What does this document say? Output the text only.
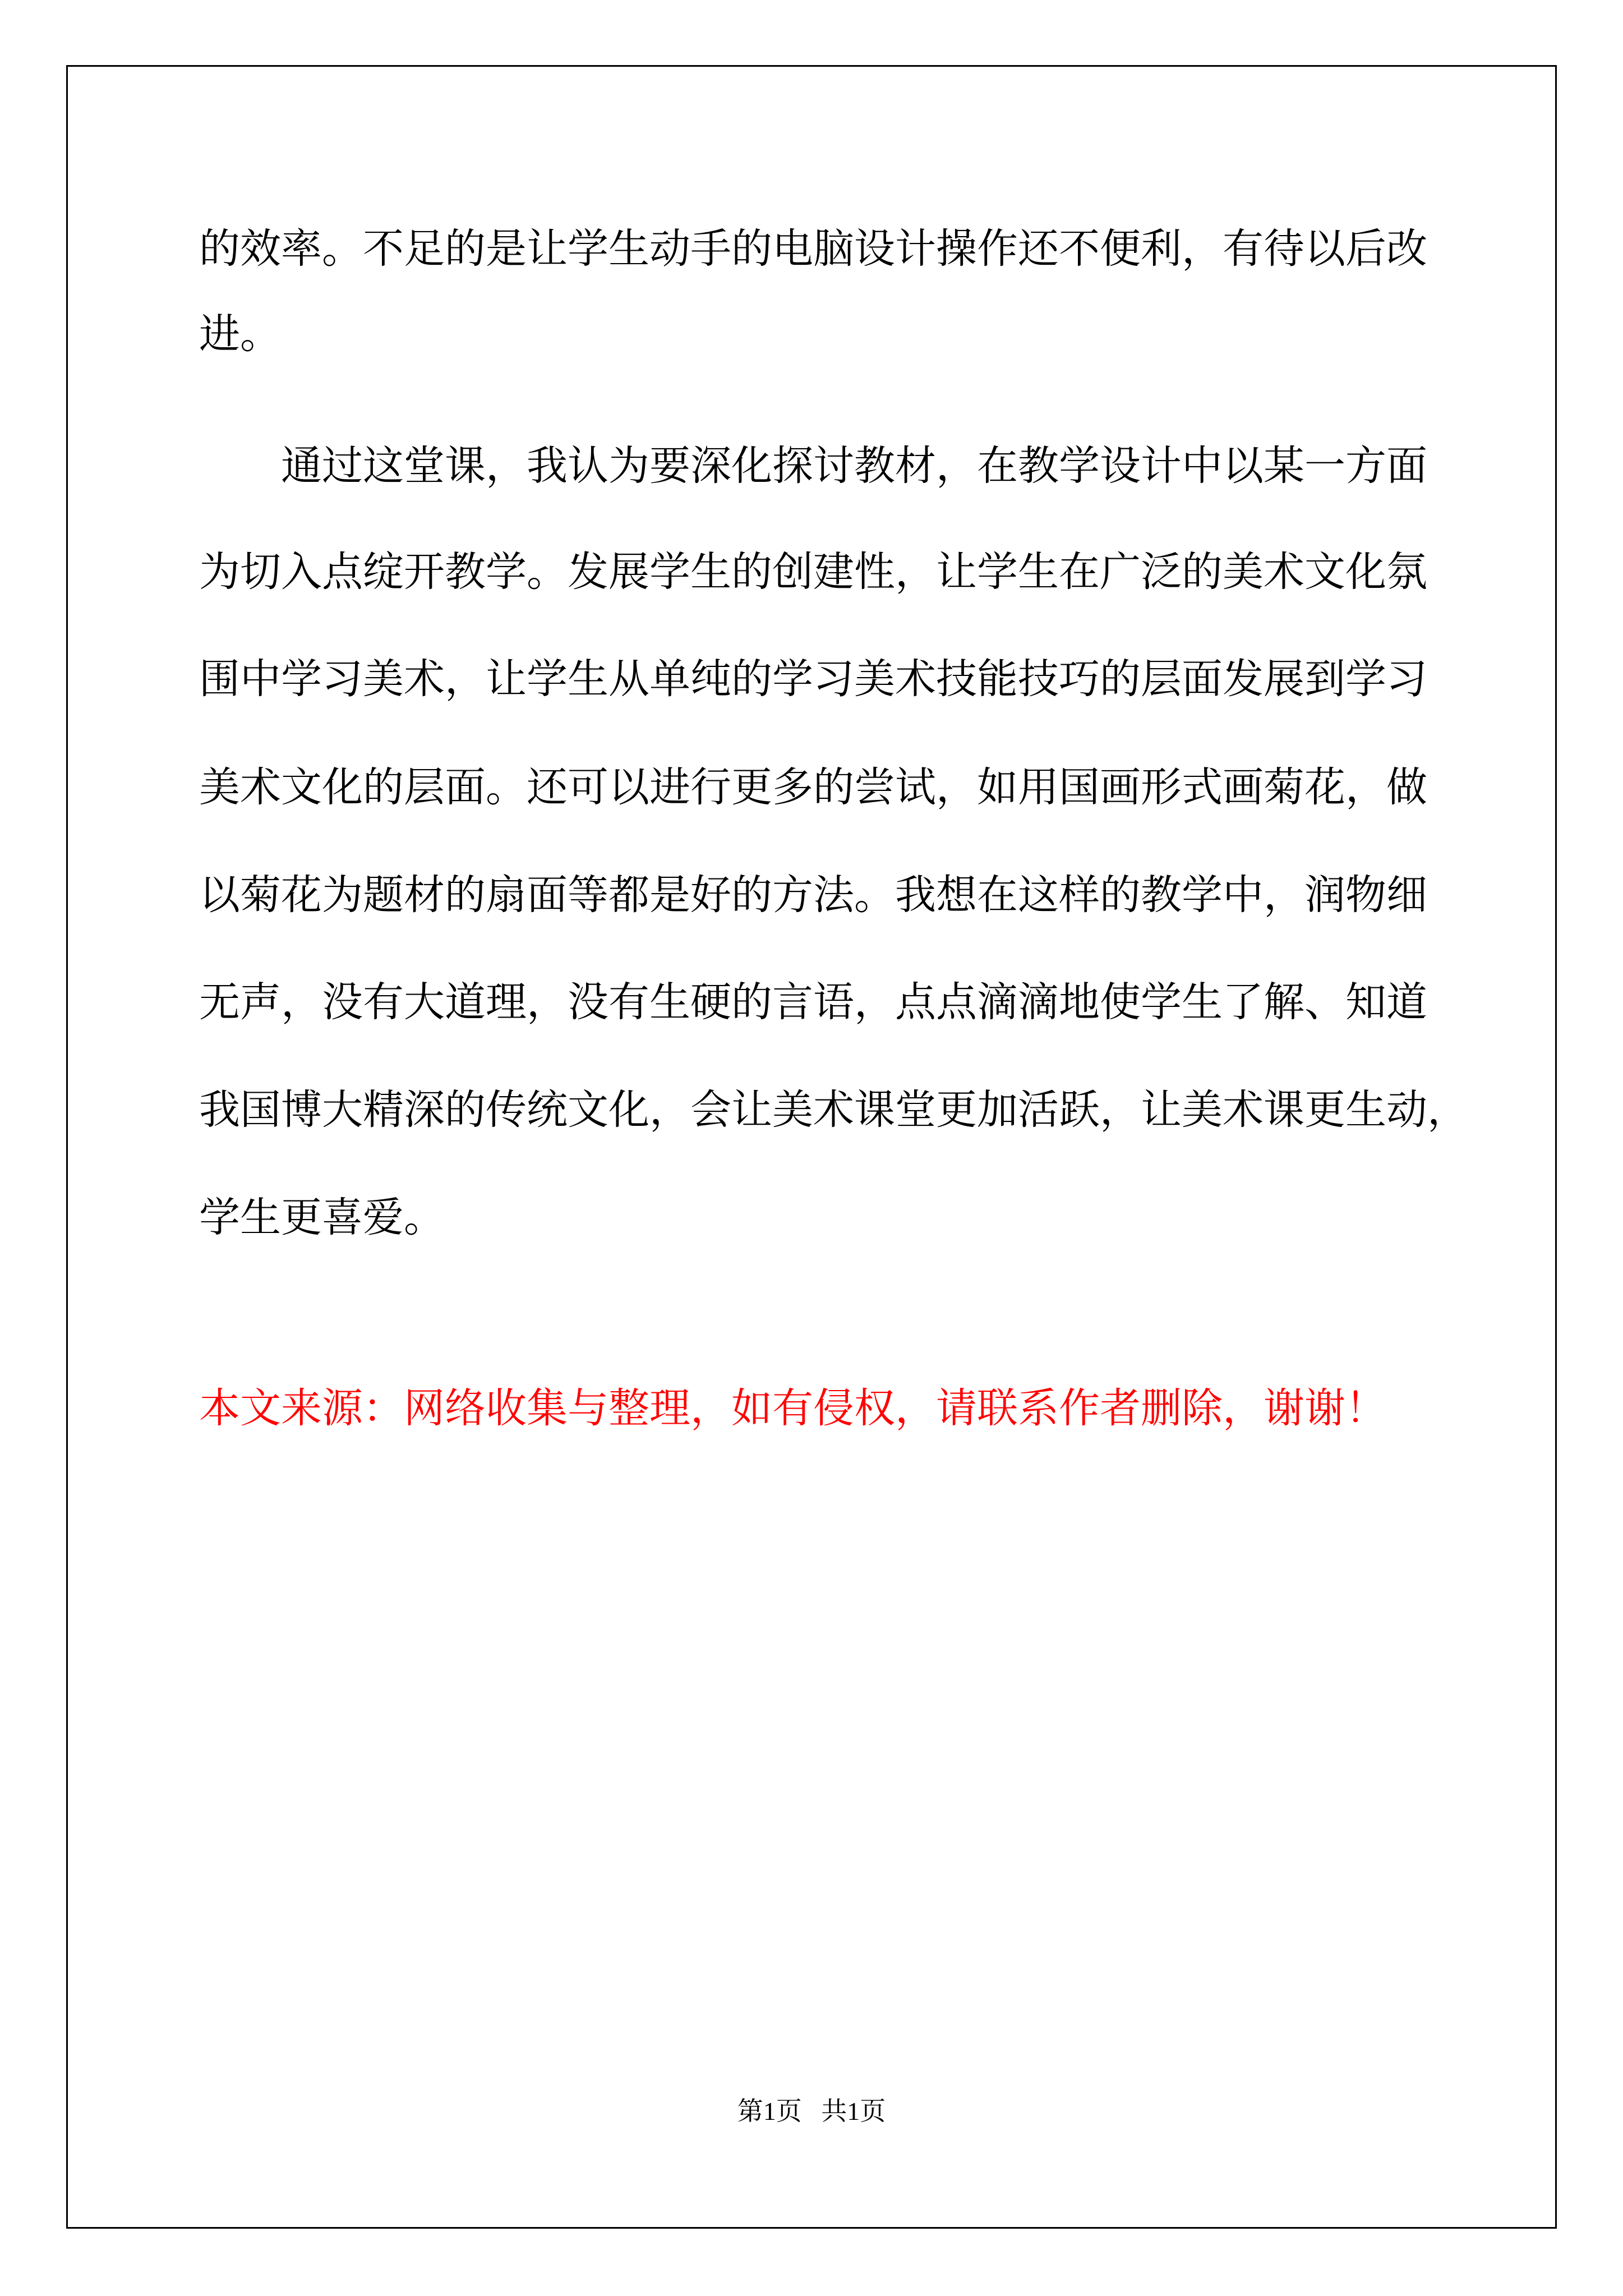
的效率。不足的是让学生动手的电脑设计操作还不便利，有待以后改
进。
　　通过这堂课，我认为要深化探讨教材，在教学设计中以某一方面
为切入点绽开教学。发展学生的创建性，让学生在广泛的美术文化氛
围中学习美术，让学生从单纯的学习美术技能技巧的层面发展到学习
美术文化的层面。还可以进行更多的尝试，如用国画形式画菊花，做
以菊花为题材的扇面等都是好的方法。我想在这样的教学中，润物细
无声，没有大道理，没有生硬的言语，点点滴滴地使学生了解、知道
我国博大精深的传统文化，会让美术课堂更加活跃，让美术课更生动，
学生更喜爱。
本文来源：网络收集与整理，如有侵权，请联系作者删除，谢谢！
第1页   共1页
